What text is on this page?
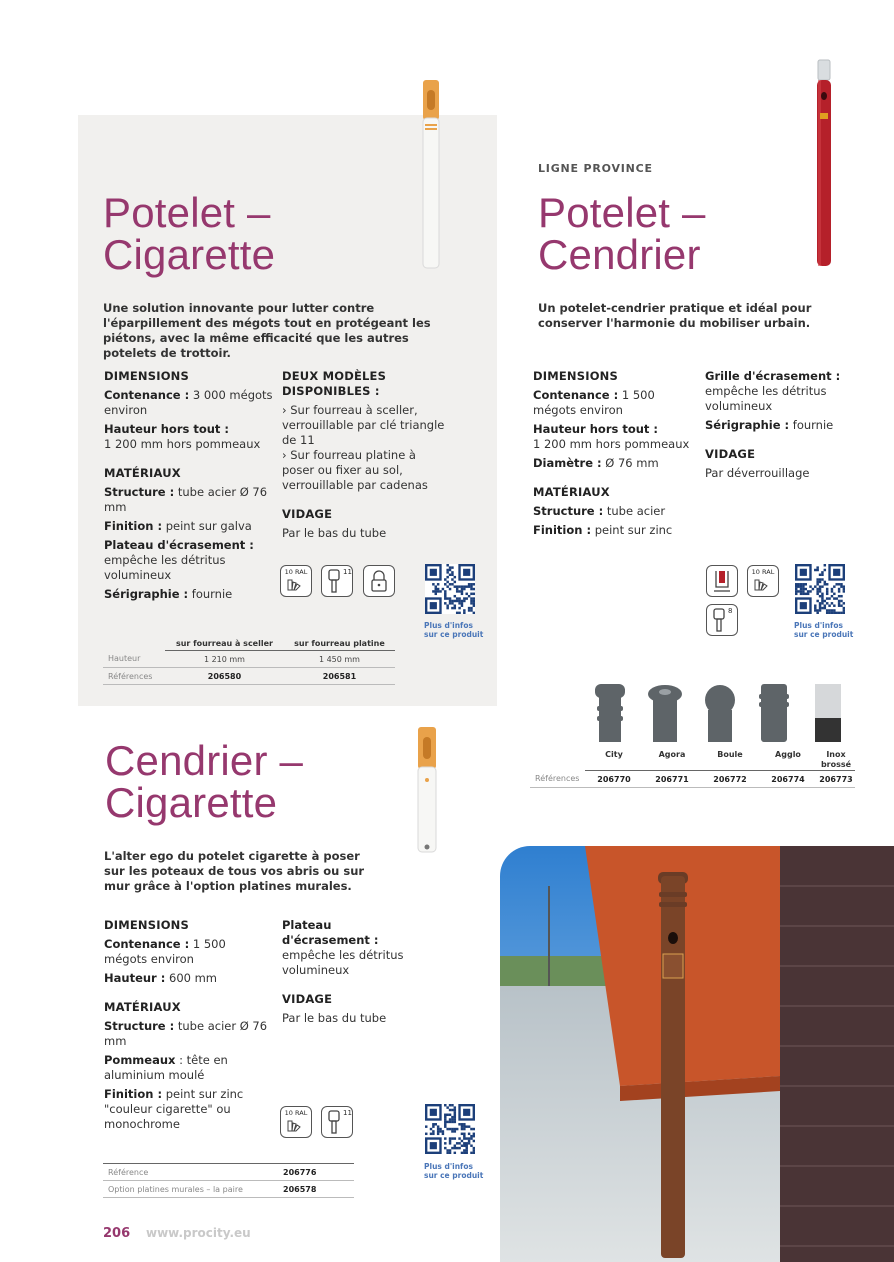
Potelet –
Cigarette
Une solution innovante pour lutter contre l'éparpillement des mégots tout en protégeant les piétons, avec la même efficacité que les autres potelets de trottoir.
DIMENSIONS
Contenance : 3 000 mégots environ
Hauteur hors tout :
1 200 mm hors pommeaux
MATÉRIAUX
Structure : tube acier Ø 76 mm
Finition : peint sur galva
Plateau d'écrasement :
empêche les détritus volumineux
Sérigraphie : fournie
DEUX MODÈLES
DISPONIBLES :
› Sur fourreau à sceller, verrouillable par clé triangle de 11
› Sur fourreau platine à poser ou fixer au sol, verrouillable par cadenas
VIDAGE
Par le bas du tube
10 RAL	11
Plus d'infos
sur ce produit
	sur fourreau à sceller	sur fourreau platine
Hauteur	1 210 mm	1 450 mm
Références	206580	206581
LIGNE PROVINCE
Potelet –
Cendrier
Un potelet-cendrier pratique et idéal pour conserver l'harmonie du mobiliser urbain.
DIMENSIONS
Contenance : 1 500 mégots environ
Hauteur hors tout :
1 200 mm hors pommeaux
Diamètre : Ø 76 mm
MATÉRIAUX
Structure : tube acier
Finition : peint sur zinc
Grille d'écrasement :
empêche les détritus volumineux
Sérigraphie : fournie
VIDAGE
Par déverrouillage
10 RAL
8
Plus d'infos
sur ce produit
	City	Agora	Boule	Agglo	Inox brossé
Références	206770	206771	206772	206774	206773
Cendrier –
Cigarette
L'alter ego du potelet cigarette à poser sur les poteaux de tous vos abris ou sur mur grâce à l'option platines murales.
DIMENSIONS
Contenance : 1 500 mégots environ
Hauteur : 600 mm
MATÉRIAUX
Structure : tube acier Ø 76 mm
Pommeaux : tête en aluminium moulé
Finition : peint sur zinc "couleur cigarette" ou monochrome
Plateau d'écrasement :
empêche les détritus volumineux
VIDAGE
Par le bas du tube
10 RAL	11
Plus d'infos
sur ce produit
Référence	206776
Option platines murales – la paire	206578
206 www.procity.eu
